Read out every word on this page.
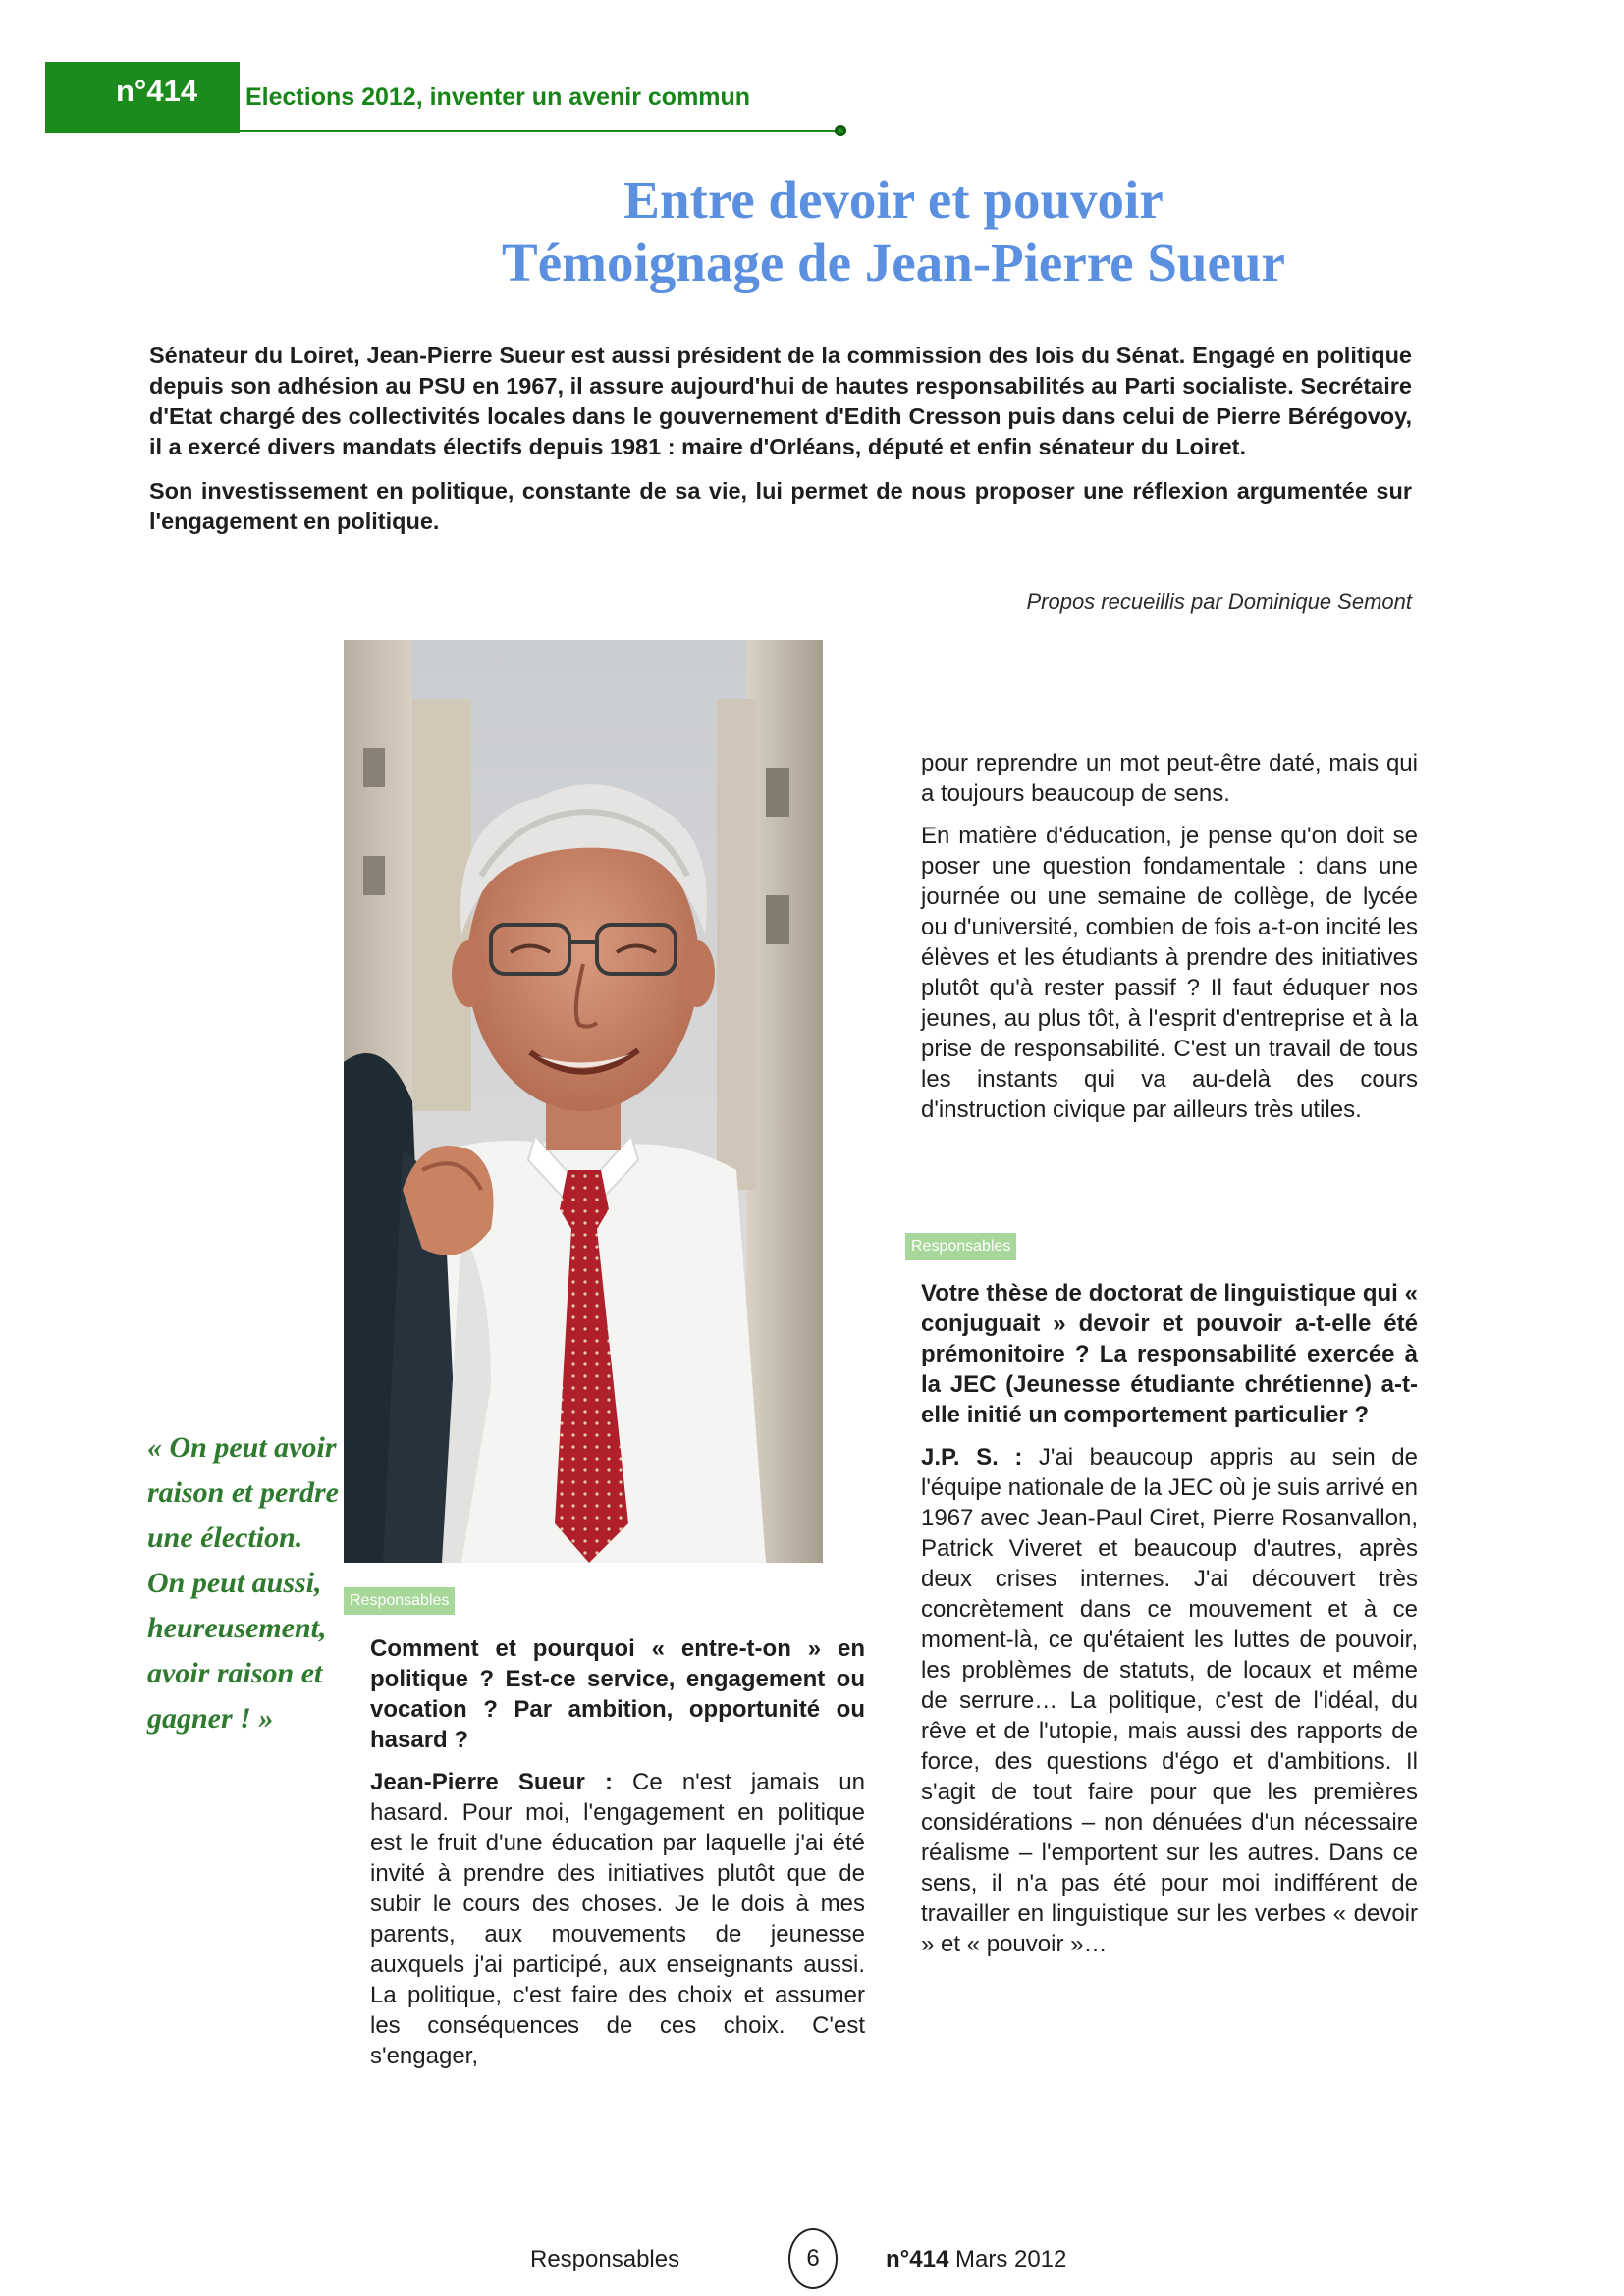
n°414	Elections 2012, inventer un avenir commun
Entre devoir et pouvoir
Témoignage de Jean-Pierre Sueur

Sénateur du Loiret, Jean-Pierre Sueur est aussi président de la commission des lois du Sénat. Engagé en politique depuis son adhésion au PSU en 1967, il assure aujourd'hui de hautes responsabilités au Parti socialiste. Secrétaire d'Etat chargé des collectivités locales dans le gouvernement d'Edith Cresson puis dans celui de Pierre Bérégovoy, il a exercé divers mandats électifs depuis 1981 : maire d'Orléans, député et enfin sénateur du Loiret.

Son investissement en politique, constante de sa vie, lui permet de nous proposer une réflexion argumentée sur l'engagement en politique.

Propos recueillis par Dominique Semont
« On peut avoir raison et perdre une élection. On peut aussi, heureusement, avoir raison et gagner ! »
Responsables

Comment et pourquoi « entre-t-on » en politique ? Est-ce service, engagement ou vocation ? Par ambition, opportunité ou hasard ?

Jean-Pierre Sueur : Ce n'est jamais un hasard. Pour moi, l'engagement en politique est le fruit d'une éducation par laquelle j'ai été invité à prendre des initiatives plutôt que de subir le cours des choses. Je le dois à mes parents, aux mouvements de jeunesse auxquels j'ai participé, aux enseignants aussi. La politique, c'est faire des choix et assumer les conséquences de ces choix. C'est s'engager,

pour reprendre un mot peut-être daté, mais qui a toujours beaucoup de sens.

En matière d'éducation, je pense qu'on doit se poser une question fondamentale : dans une journée ou une semaine de collège, de lycée ou d'université, combien de fois a-t-on incité les élèves et les étudiants à prendre des initiatives plutôt qu'à rester passif ? Il faut éduquer nos jeunes, au plus tôt, à l'esprit d'entreprise et à la prise de responsabilité. C'est un travail de tous les instants qui va au-delà des cours d'instruction civique par ailleurs très utiles.

Responsables

Votre thèse de doctorat de linguistique qui « conjuguait » devoir et pouvoir a-t-elle été prémonitoire ? La responsabilité exercée à la JEC (Jeunesse étudiante chrétienne) a-t-elle initié un comportement particulier ?

J.P. S. : J'ai beaucoup appris au sein de l'équipe nationale de la JEC où je suis arrivé en 1967 avec Jean-Paul Ciret, Pierre Rosanvallon, Patrick Viveret et beaucoup d'autres, après deux crises internes. J'ai découvert très concrètement dans ce mouvement et à ce moment-là, ce qu'étaient les luttes de pouvoir, les problèmes de statuts, de locaux et même de serrure… La politique, c'est de l'idéal, du rêve et de l'utopie, mais aussi des rapports de force, des questions d'égo et d'ambitions. Il s'agit de tout faire pour que les premières considérations – non dénuées d'un nécessaire réalisme – l'emportent sur les autres. Dans ce sens, il n'a pas été pour moi indifférent de travailler en linguistique sur les verbes « devoir » et « pouvoir »…

Responsables	6	n°414 Mars 2012
